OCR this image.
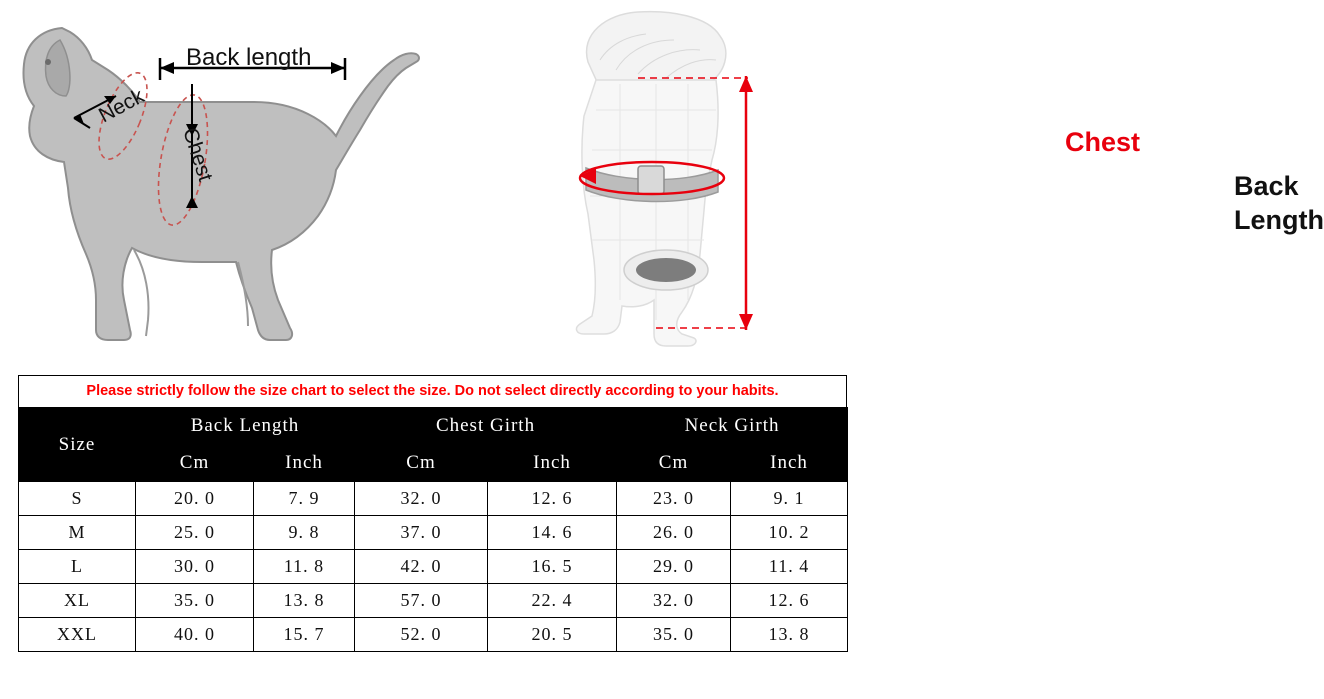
Back length
Neck
Chest	Chest
Back
Length
Please strictly follow the size chart to select the size. Do not select directly according to your habits.
Size	Back Length		Chest Girth		Neck Girth	
	Cm	Inch	Cm	Inch	Cm	Inch
S	20. 0	7. 9	32. 0	12. 6	23. 0	9. 1
M	25. 0	9. 8	37. 0	14. 6	26. 0	10. 2
L	30. 0	11. 8	42. 0	16. 5	29. 0	11. 4
XL	35. 0	13. 8	57. 0	22. 4	32. 0	12. 6
XXL	40. 0	15. 7	52. 0	20. 5	35. 0	13. 8
